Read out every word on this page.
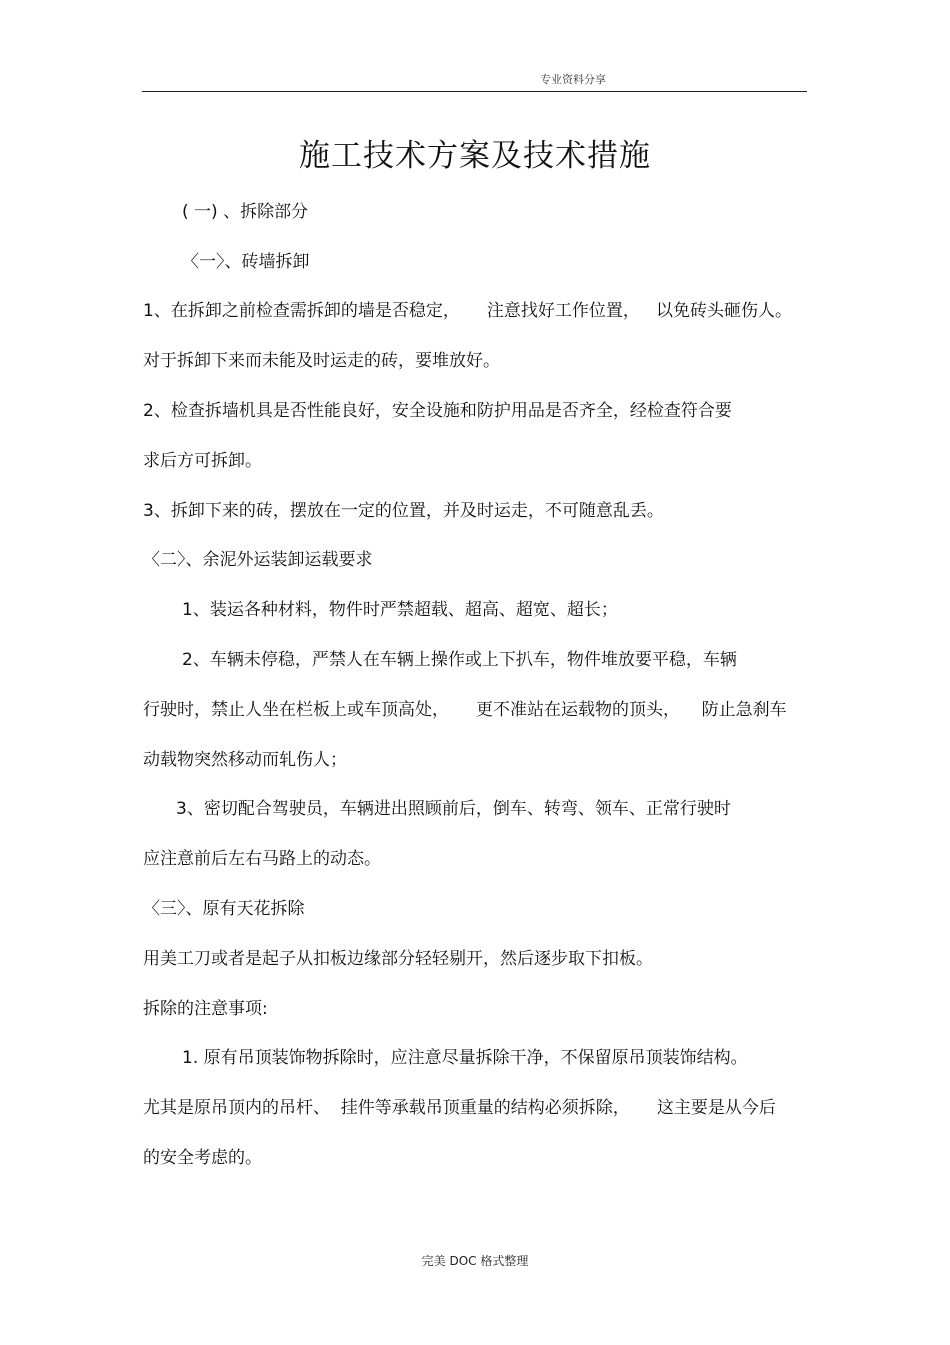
专业资料分享
施工技术方案及技术措施
( 一) 、拆除部分
〈一〉、砖墙拆卸
1、在拆卸之前检查需拆卸的墙是否稳定，     注意找好工作位置，   以免砖头砸伤人。
对于拆卸下来而未能及时运走的砖，要堆放好。
2、检查拆墙机具是否性能良好，安全设施和防护用品是否齐全，经检查符合要
求后方可拆卸。
3、拆卸下来的砖，摆放在一定的位置，并及时运走，不可随意乱丢。
〈二〉、余泥外运装卸运载要求
1、装运各种材料，物件时严禁超载、超高、超宽、超长；
2、车辆未停稳，严禁人在车辆上操作或上下扒车，物件堆放要平稳，车辆
行驶时，禁止人坐在栏板上或车顶高处，     更不准站在运载物的顶头，    防止急刹车
动载物突然移动而轧伤人；
3、密切配合驾驶员，车辆进出照顾前后，倒车、转弯、领车、正常行驶时
应注意前后左右马路上的动态。
〈三〉、原有天花拆除
用美工刀或者是起子从扣板边缘部分轻轻剔开，然后逐步取下扣板。
拆除的注意事项:
1. 原有吊顶装饰物拆除时，应注意尽量拆除干净，不保留原吊顶装饰结构。
尤其是原吊顶内的吊杆、  挂件等承载吊顶重量的结构必须拆除，     这主要是从今后
的安全考虑的。
完美 DOC 格式整理
